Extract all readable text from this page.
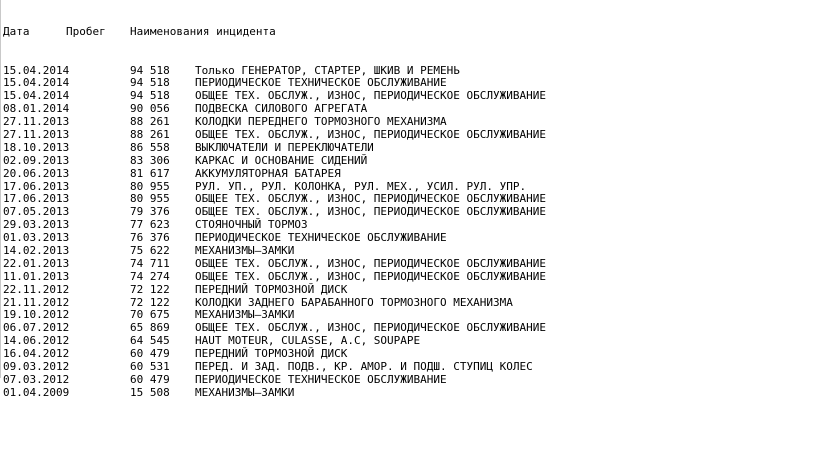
Дата	Пробег	Наименования инцидента

15.04.2014	94 518	Только ГЕНЕРАТОР, СТАРТЕР, ШКИВ И РЕМЕНЬ
15.04.2014	94 518	ПЕРИОДИЧЕСКОЕ ТЕХНИЧЕСКОЕ ОБСЛУЖИВАНИЕ
15.04.2014	94 518	ОБЩЕЕ ТЕХ. ОБСЛУЖ., ИЗНОС, ПЕРИОДИЧЕСКОЕ ОБСЛУЖИВАНИЕ
08.01.2014	90 056	ПОДВЕСКА СИЛОВОГО АГРЕГАТА
27.11.2013	88 261	КОЛОДКИ ПЕРЕДНЕГО ТОРМОЗНОГО МЕХАНИЗМА
27.11.2013	88 261	ОБЩЕЕ ТЕХ. ОБСЛУЖ., ИЗНОС, ПЕРИОДИЧЕСКОЕ ОБСЛУЖИВАНИЕ
18.10.2013	86 558	ВЫКЛЮЧАТЕЛИ И ПЕРЕКЛЮЧАТЕЛИ
02.09.2013	83 306	КАРКАС И ОСНОВАНИЕ СИДЕНИЙ
20.06.2013	81 617	АККУМУЛЯТОРНАЯ БАТАРЕЯ
17.06.2013	80 955	РУЛ. УП., РУЛ. КОЛОНКА, РУЛ. МЕХ., УСИЛ. РУЛ. УПР.
17.06.2013	80 955	ОБЩЕЕ ТЕХ. ОБСЛУЖ., ИЗНОС, ПЕРИОДИЧЕСКОЕ ОБСЛУЖИВАНИЕ
07.05.2013	79 376	ОБЩЕЕ ТЕХ. ОБСЛУЖ., ИЗНОС, ПЕРИОДИЧЕСКОЕ ОБСЛУЖИВАНИЕ
29.03.2013	77 623	СТОЯНОЧНЫЙ ТОРМОЗ
01.03.2013	76 376	ПЕРИОДИЧЕСКОЕ ТЕХНИЧЕСКОЕ ОБСЛУЖИВАНИЕ
14.02.2013	75 622	МЕХАНИЗМЫ–ЗАМКИ
22.01.2013	74 711	ОБЩЕЕ ТЕХ. ОБСЛУЖ., ИЗНОС, ПЕРИОДИЧЕСКОЕ ОБСЛУЖИВАНИЕ
11.01.2013	74 274	ОБЩЕЕ ТЕХ. ОБСЛУЖ., ИЗНОС, ПЕРИОДИЧЕСКОЕ ОБСЛУЖИВАНИЕ
22.11.2012	72 122	ПЕРЕДНИЙ ТОРМОЗНОЙ ДИСК
21.11.2012	72 122	КОЛОДКИ ЗАДНЕГО БАРАБАННОГО ТОРМОЗНОГО МЕХАНИЗМА
19.10.2012	70 675	МЕХАНИЗМЫ–ЗАМКИ
06.07.2012	65 869	ОБЩЕЕ ТЕХ. ОБСЛУЖ., ИЗНОС, ПЕРИОДИЧЕСКОЕ ОБСЛУЖИВАНИЕ
14.06.2012	64 545	HAUT MOTEUR, CULASSE, A.C, SOUPAPE
16.04.2012	60 479	ПЕРЕДНИЙ ТОРМОЗНОЙ ДИСК
09.03.2012	60 531	ПЕРЕД. И ЗАД. ПОДВ., КР. АМОР. И ПОДШ. СТУПИЦ КОЛЕС
07.03.2012	60 479	ПЕРИОДИЧЕСКОЕ ТЕХНИЧЕСКОЕ ОБСЛУЖИВАНИЕ
01.04.2009	15 508	МЕХАНИЗМЫ–ЗАМКИ
